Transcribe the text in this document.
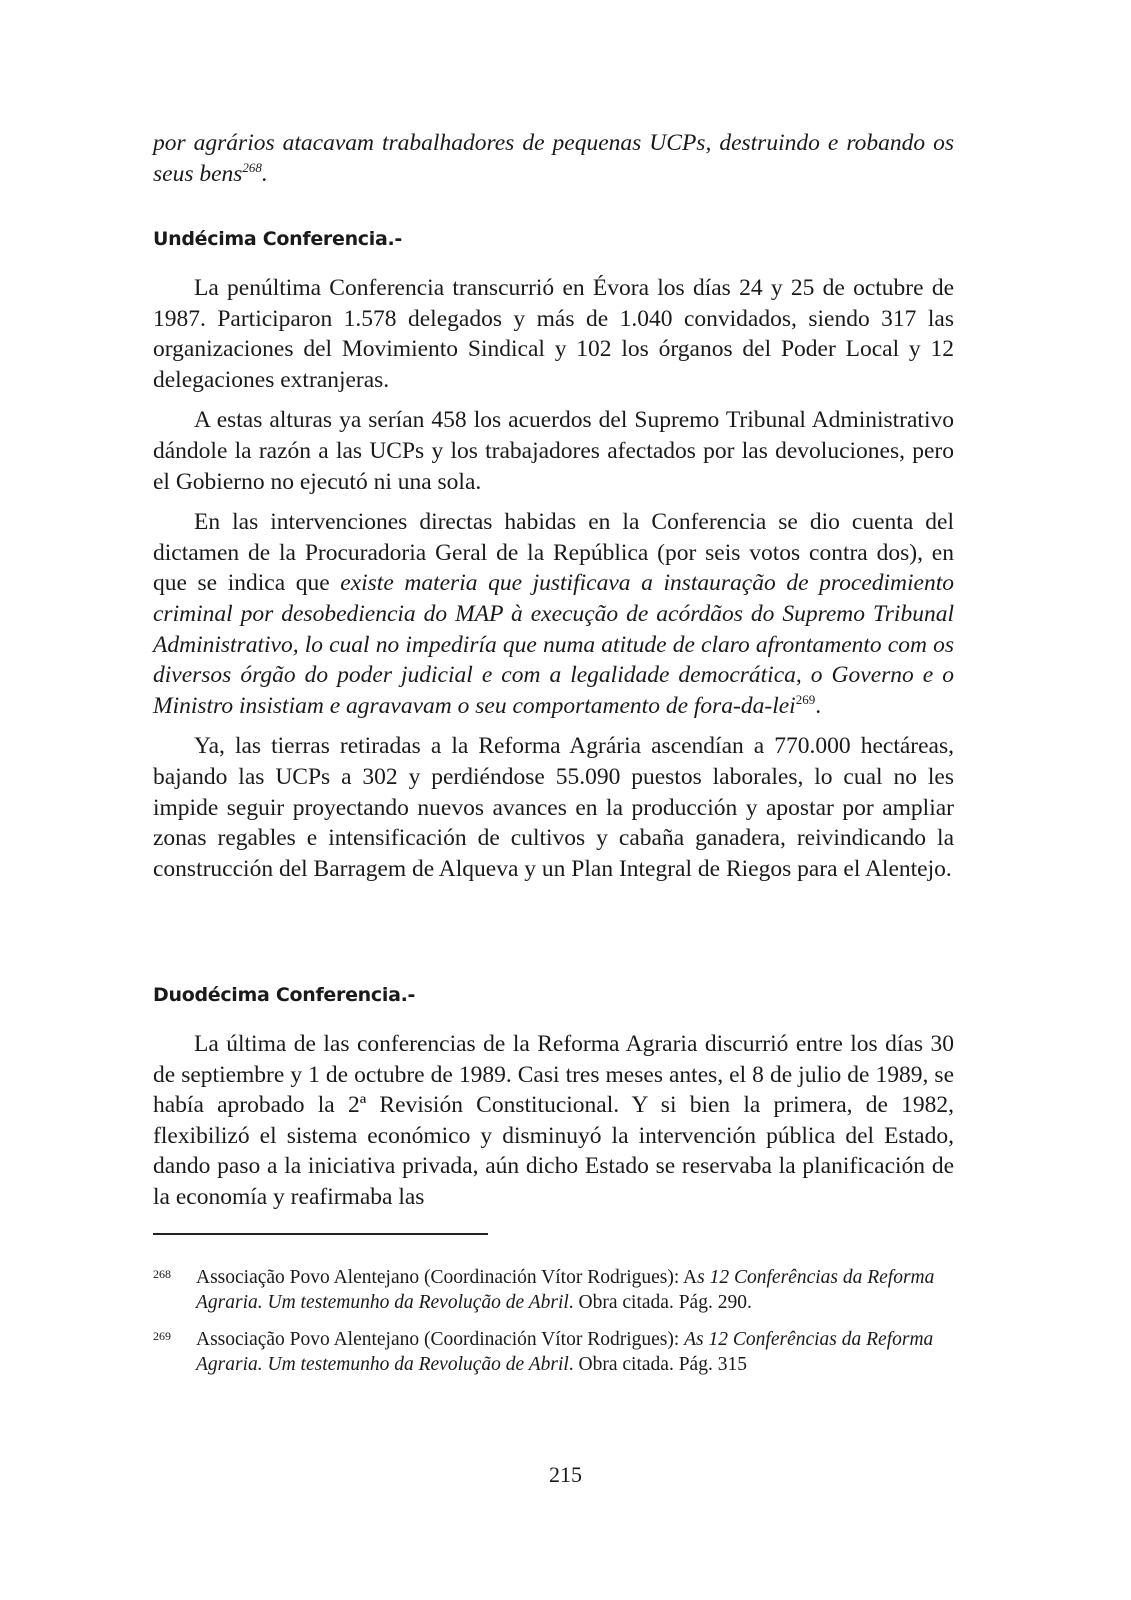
por agrários atacavam trabalhadores de pequenas UCPs, destruindo e robando os seus bens$^{268}$.

Undécima Conferencia.-

La penúltima Conferencia transcurrió en Évora los días 24 y 25 de octubre de 1987. Participaron 1.578 delegados y más de 1.040 convidados, siendo 317 las organizaciones del Movimiento Sindical y 102 los órganos del Poder Local y 12 delegaciones extranjeras.

A estas alturas ya serían 458 los acuerdos del Supremo Tribunal Administrativo dándole la razón a las UCPs y los trabajadores afectados por las devoluciones, pero el Gobierno no ejecutó ni una sola.

En las intervenciones directas habidas en la Conferencia se dio cuenta del dictamen de la Procuradoria Geral de la República (por seis votos contra dos), en que se indica que existe materia que justificava a instauração de procedimiento criminal por desobediencia do MAP à execução de acórdãos do Supremo Tribunal Administrativo, lo cual no impediría que numa atitude de claro afrontamento com os diversos órgão do poder judicial e com a legalidade democrática, o Governo e o Ministro insistiam e agravavam o seu comportamento de fora-da-lei$^{269}$.

Ya, las tierras retiradas a la Reforma Agrária ascendían a 770.000 hectáreas, bajando las UCPs a 302 y perdiéndose 55.090 puestos laborales, lo cual no les impide seguir proyectando nuevos avances en la producción y apostar por ampliar zonas regables e intensificación de cultivos y cabaña ganadera, reivindicando la construcción del Barragem de Alqueva y un Plan Integral de Riegos para el Alentejo.

Duodécima Conferencia.-

La última de las conferencias de la Reforma Agraria discurrió entre los días 30 de septiembre y 1 de octubre de 1989. Casi tres meses antes, el 8 de julio de 1989, se había aprobado la 2ª Revisión Constitucional. Y si bien la primera, de 1982, flexibilizó el sistema económico y disminuyó la intervención pública del Estado, dando paso a la iniciativa privada, aún dicho Estado se reservaba la planificación de la economía y reafirmaba las

268 Associação Povo Alentejano (Coordinación Vítor Rodrigues): As 12 Conferências da Reforma Agraria. Um testemunho da Revolução de Abril. Obra citada. Pág. 290.

269 Associação Povo Alentejano (Coordinación Vítor Rodrigues): As 12 Conferências da Reforma Agraria. Um testemunho da Revolução de Abril. Obra citada. Pág. 315

215
